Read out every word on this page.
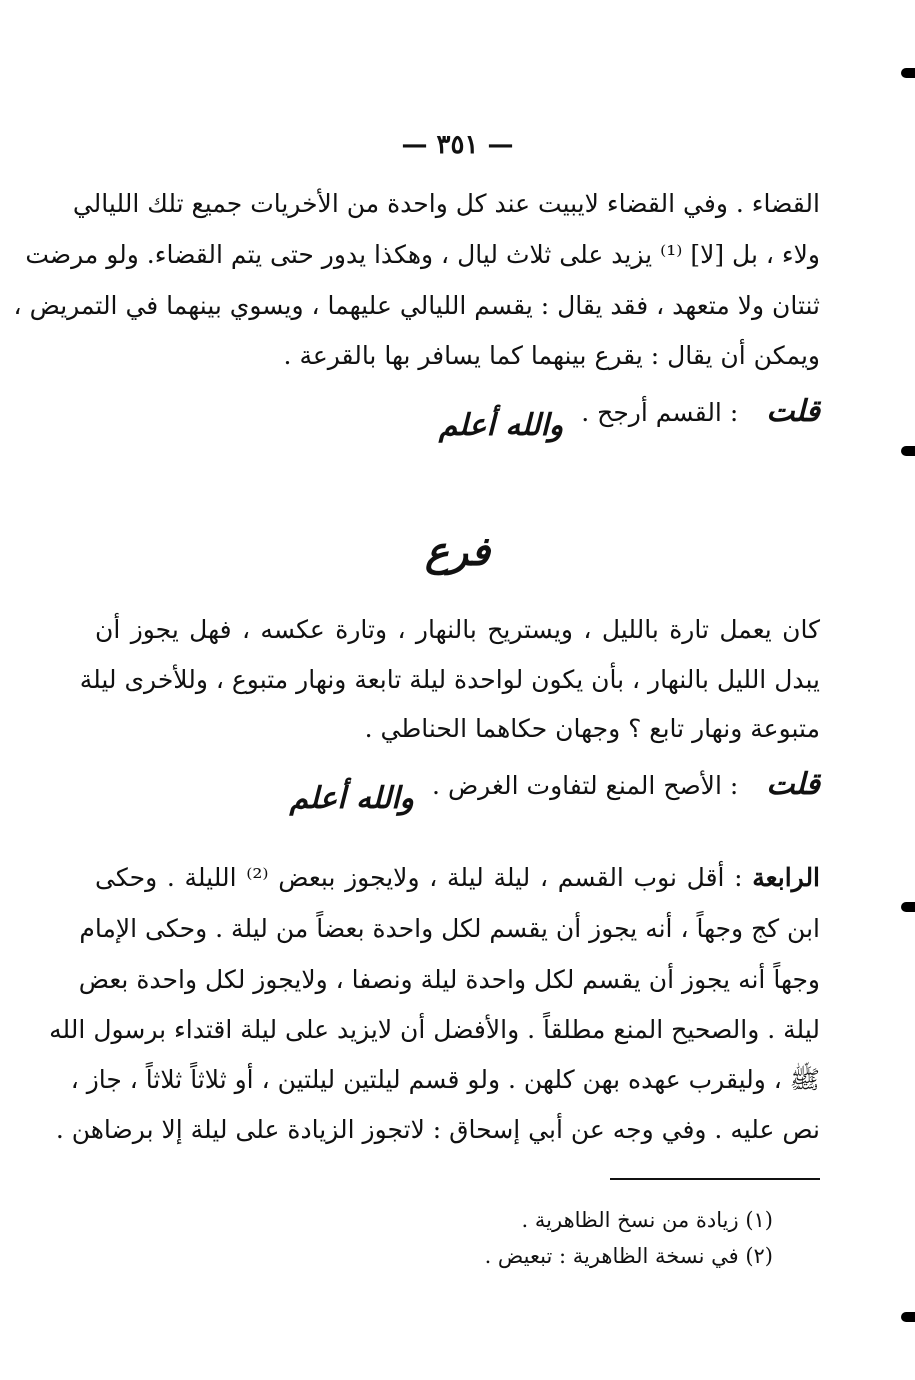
— ٣٥١ —
القضاء . وفي القضاء لايبيت عند كل واحدة من الأخريات جميع تلك الليالي
ولاء ، بل [لا] ⁽¹⁾ يزيد على ثلاث ليال ، وهكذا يدور حتى يتم القضاء. ولو مرضت
ثنتان ولا متعهد ، فقد يقال : يقسم الليالي عليهما ، ويسوي بينهما في التمريض ،
ويمكن أن يقال : يقرع بينهما كما يسافر بها بالقرعة .
قلت: القسم أرجح .والله أعلم
فرع
كان يعمل تارة بالليل ، ويستريح بالنهار ، وتارة عكسه ، فهل يجوز أن
يبدل الليل بالنهار ، بأن يكون لواحدة ليلة تابعة ونهار متبوع ، وللأخرى ليلة
متبوعة ونهار تابع ؟ وجهان حكاهما الحناطي .
قلت: الأصح المنع لتفاوت الغرض .والله أعلم
الرابعة : أقل نوب القسم ، ليلة ليلة ، ولايجوز ببعض ⁽²⁾ الليلة . وحكى
ابن كج وجهاً ، أنه يجوز أن يقسم لكل واحدة بعضاً من ليلة . وحكى الإمام
وجهاً أنه يجوز أن يقسم لكل واحدة ليلة ونصفا ، ولايجوز لكل واحدة بعض
ليلة . والصحيح المنع مطلقاً . والأفضل أن لايزيد على ليلة اقتداء برسول الله
ﷺ ، وليقرب عهده بهن كلهن . ولو قسم ليلتين ليلتين ، أو ثلاثاً ثلاثاً ، جاز ،
نص عليه . وفي وجه عن أبي إسحاق : لاتجوز الزيادة على ليلة إلا برضاهن .
(١) زيادة من نسخ الظاهرية .
(٢) في نسخة الظاهرية : تبعيض .
